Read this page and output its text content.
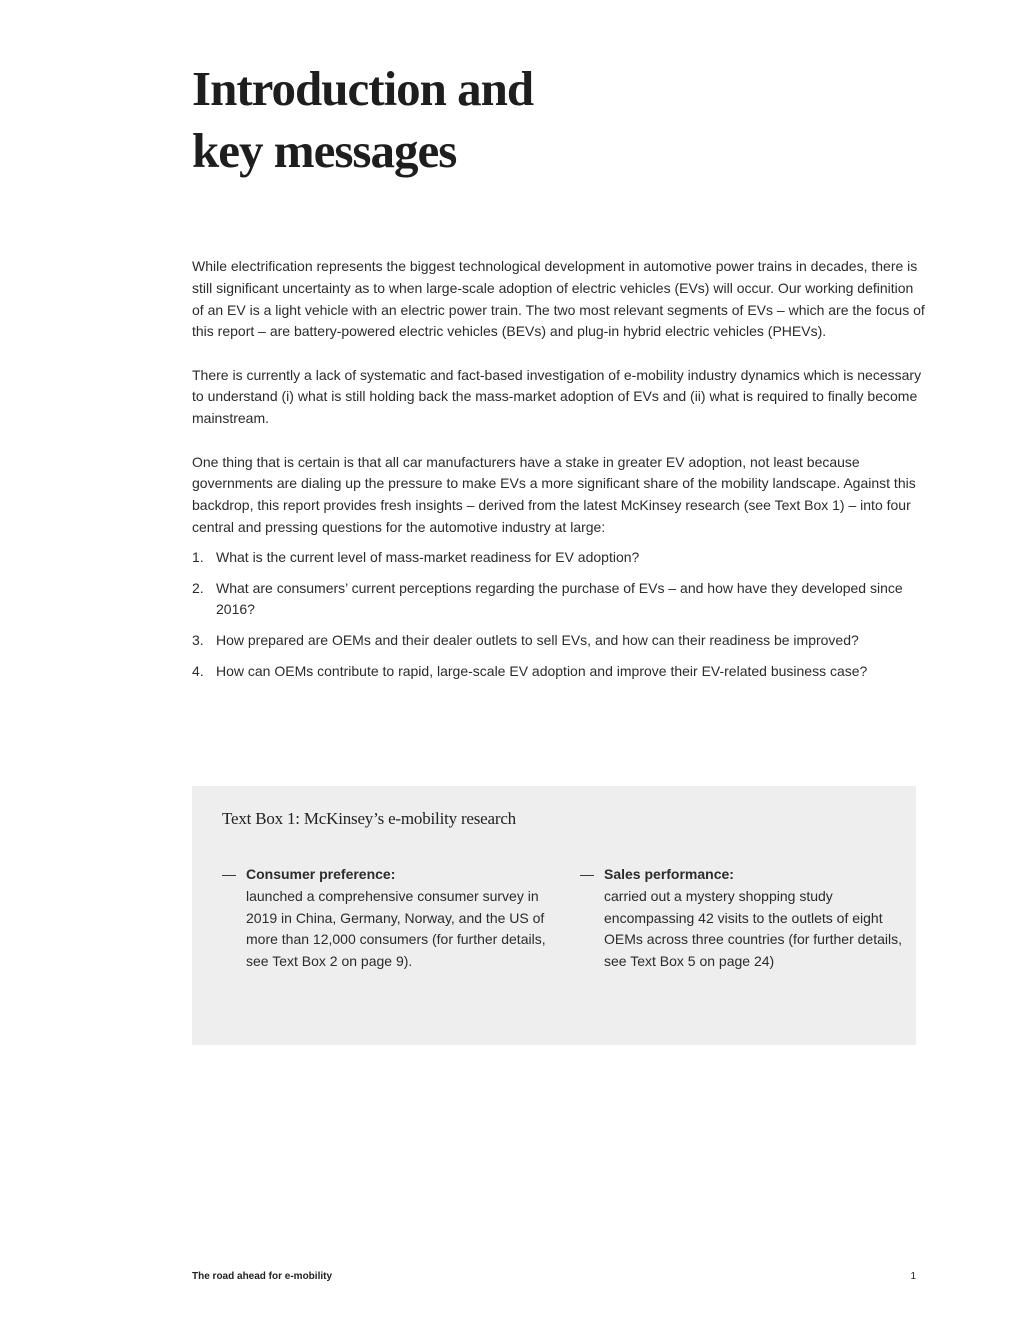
Introduction and
key messages

While electrification represents the biggest technological development in automotive power trains in decades, there is still significant uncertainty as to when large-scale adoption of electric vehicles (EVs) will occur. Our working definition of an EV is a light vehicle with an electric power train. The two most relevant segments of EVs – which are the focus of this report – are battery-powered electric vehicles (BEVs) and plug-in hybrid electric vehicles (PHEVs).

There is currently a lack of systematic and fact-based investigation of e-mobility industry dynamics which is necessary to understand (i) what is still holding back the mass-market adoption of EVs and (ii) what is required to finally become mainstream.

One thing that is certain is that all car manufacturers have a stake in greater EV adoption, not least because governments are dialing up the pressure to make EVs a more significant share of the mobility landscape. Against this backdrop, this report provides fresh insights – derived from the latest McKinsey research (see Text Box 1) – into four central and pressing questions for the automotive industry at large:

1. What is the current level of mass-market readiness for EV adoption?
2. What are consumers’ current perceptions regarding the purchase of EVs – and how have they developed since 2016?
3. How prepared are OEMs and their dealer outlets to sell EVs, and how can their readiness be improved?
4. How can OEMs contribute to rapid, large-scale EV adoption and improve their EV-related business case?
Text Box 1: McKinsey’s e-mobility research
— Consumer preference:
launched a comprehensive consumer survey in 2019 in China, Germany, Norway, and the US of more than 12,000 consumers (for further details, see Text Box 2 on page 9).
— Sales performance:
carried out a mystery shopping study encompassing 42 visits to the outlets of eight OEMs across three countries (for further details, see Text Box 5 on page 24)
The road ahead for e-mobility	1
